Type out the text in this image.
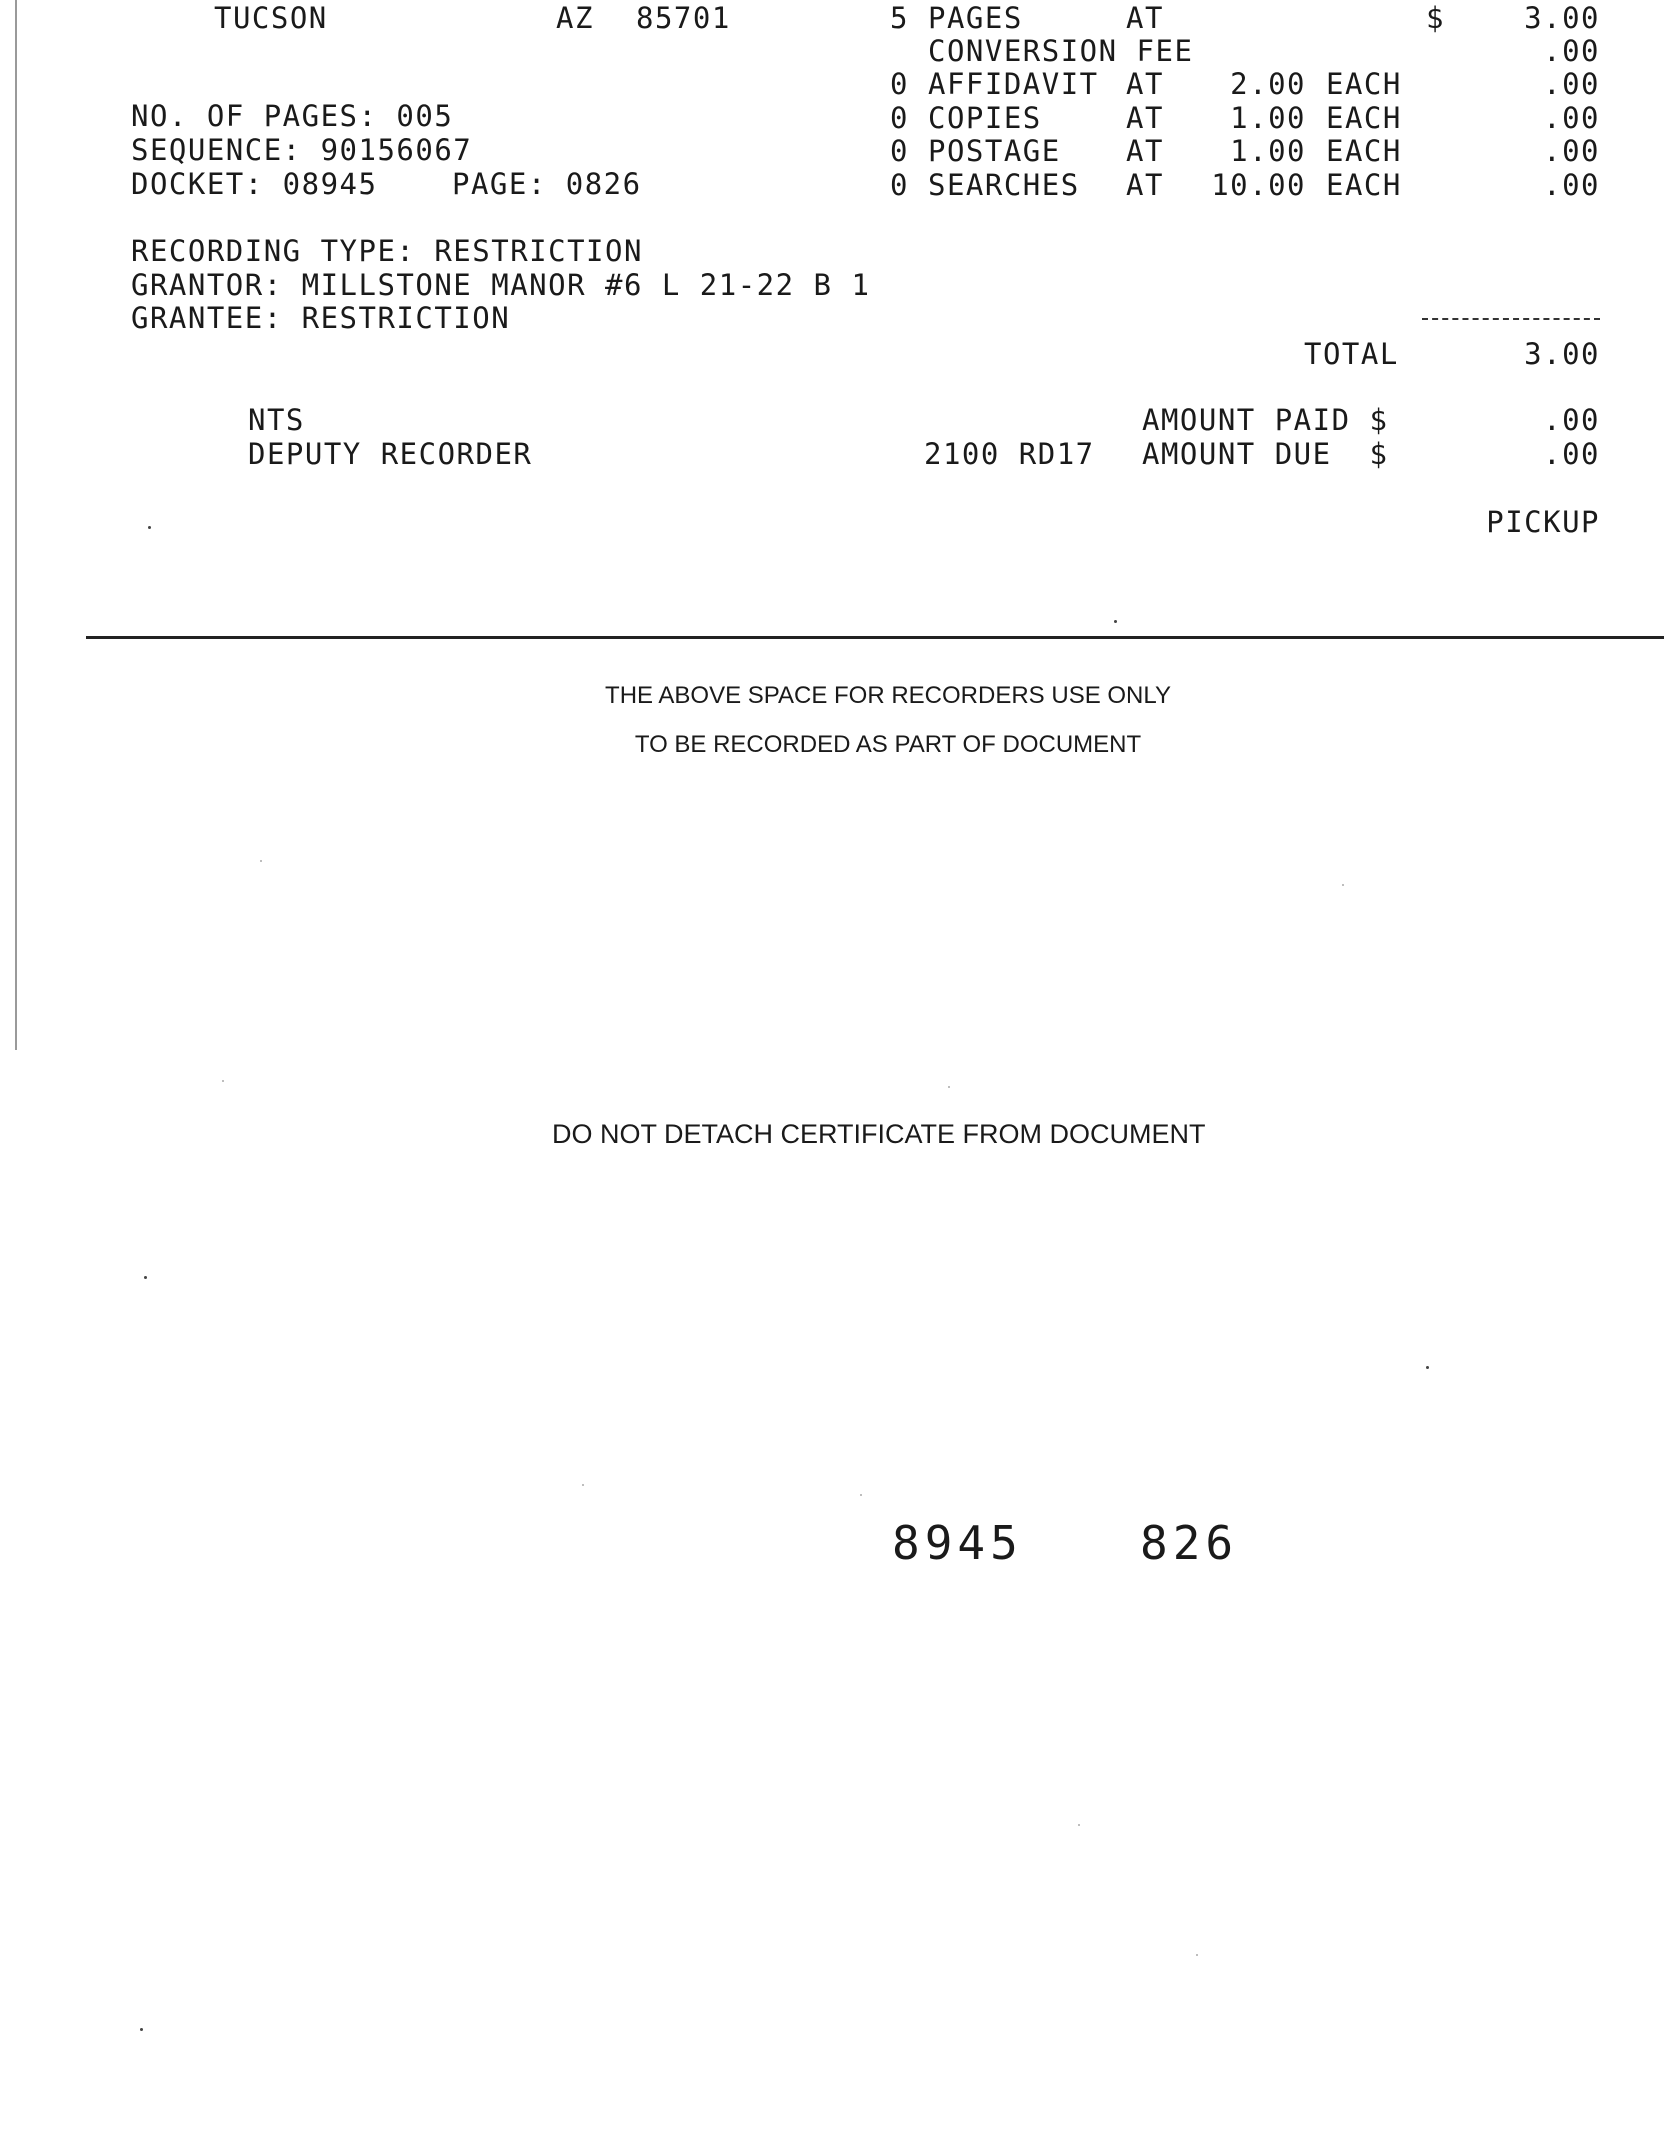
TUCSON	AZ 85701
NO. OF PAGES: 005
SEQUENCE: 90156067
DOCKET: 08945	PAGE: 0826
RECORDING TYPE: RESTRICTION
GRANTOR: MILLSTONE MANOR #6 L 21-22 B 1
GRANTEE: RESTRICTION
5 PAGES	AT	$	3.00
CONVERSION FEE	.00
0 AFFIDAVIT AT	2.00 EACH	.00
0 COPIES	AT	1.00 EACH	.00
0 POSTAGE AT	1.00 EACH	.00
0 SEARCHES AT	10.00 EACH	.00
TOTAL	3.00
NTS
DEPUTY RECORDER
AMOUNT PAID $	.00
2100 RD17 AMOUNT DUE  $	.00
PICKUP
THE ABOVE SPACE FOR RECORDERS USE ONLY
TO BE RECORDED AS PART OF DOCUMENT
DO NOT DETACH CERTIFICATE FROM DOCUMENT
8945	826
